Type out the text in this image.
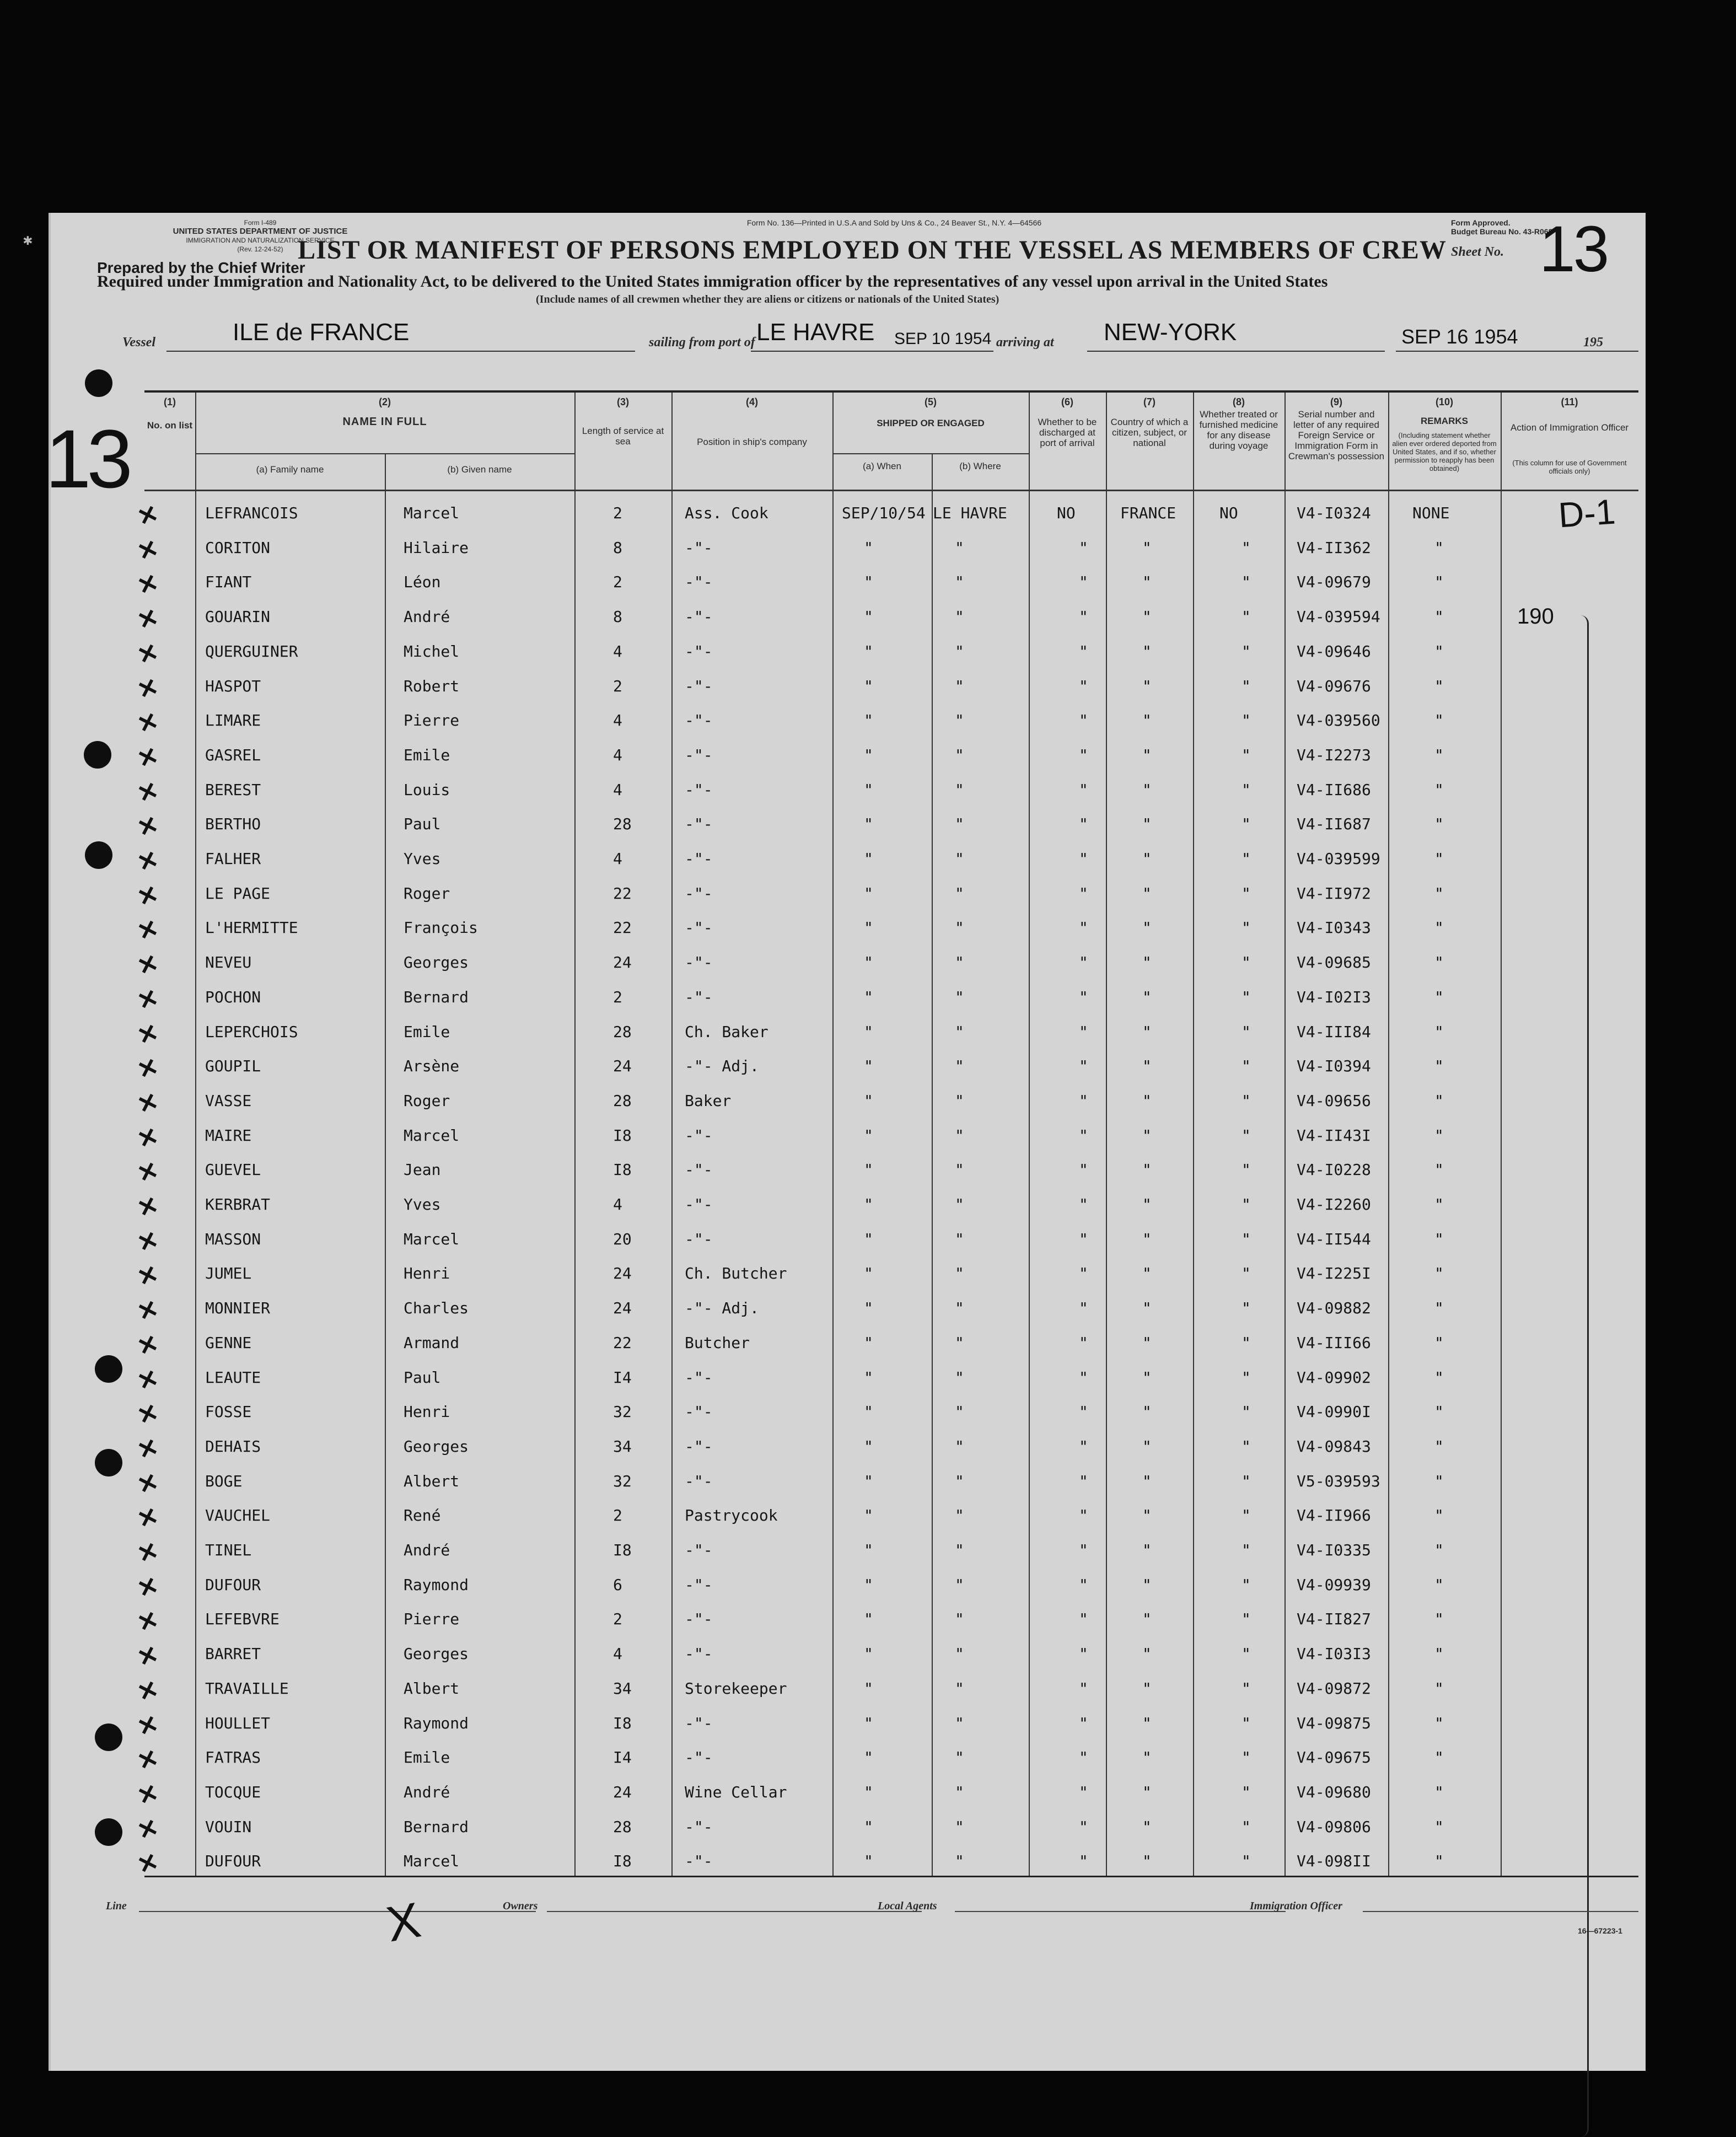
✱
Form I-489
UNITED STATES DEPARTMENT OF JUSTICE
IMMIGRATION AND NATURALIZATION SERVICE
(Rev. 12-24-52)
Form No. 136—Printed in U.S.A and Sold by Uns & Co., 24 Beaver St., N.Y. 4—64566	Form Approved.
Budget Bureau No. 43-R068
Sheet No. 13
LIST OR MANIFEST OF PERSONS EMPLOYED ON THE VESSEL AS MEMBERS OF CREW
Prepared by the Chief Writer
Required under Immigration and Nationality Act, to be delivered to the United States immigration officer by the representatives of any vessel upon arrival in the United States
(Include names of all crewmen whether they are aliens or citizens or nationals of the United States)
Vessel	ILE de FRANCE	sailing from port of LE HAVRE SEP 10 1954 arriving at NEW-YORK	SEP 16 1954	195
13
(1)
No. on list
(2)
NAME IN FULL
(a) Family name	(b) Given name
(3)
Length of service at sea
(4)
Position in ship's company
(5)
SHIPPED OR ENGAGED
(a) When	(b) Where
(6)
Whether to be discharged at port of arrival
(7)
Country of which a citizen, subject, or national
(8)
Whether treated or furnished medicine for any disease during voyage
(9)
Serial number and letter of any required Foreign Service or Immigration Form in Crewman's possession
(10)
REMARKS
(Including statement whether alien ever ordered deported from United States, and if so, whether permission to reapply has been obtained)
(11)
Action of Immigration Officer
(This column for use of Government officials only)
✕	LEFRANCOIS	Marcel	2	Ass. Cook	SEP/10/54 LE HAVRE	NO	FRANCE	NO	V4-I0324	NONE
✕	CORITON	Hilaire	8	-"-	"	"	"	"	"	V4-II362	"
✕	FIANT	Léon	2	-"-	"	"	"	"	"	V4-09679	"
✕	GOUARIN	André	8	-"-	"	"	"	"	"	V4-039594	"
✕	QUERGUINER	Michel	4	-"-	"	"	"	"	"	V4-09646	"
✕	HASPOT	Robert	2	-"-	"	"	"	"	"	V4-09676	"
✕	LIMARE	Pierre	4	-"-	"	"	"	"	"	V4-039560	"
✕	GASREL	Emile	4	-"-	"	"	"	"	"	V4-I2273	"
✕	BEREST	Louis	4	-"-	"	"	"	"	"	V4-II686	"
✕	BERTHO	Paul	28	-"-	"	"	"	"	"	V4-II687	"
✕	FALHER	Yves	4	-"-	"	"	"	"	"	V4-039599	"
✕	LE PAGE	Roger	22	-"-	"	"	"	"	"	V4-II972	"
✕	L'HERMITTE	François	22	-"-	"	"	"	"	"	V4-I0343	"
✕	NEVEU	Georges	24	-"-	"	"	"	"	"	V4-09685	"
✕	POCHON	Bernard	2	-"-	"	"	"	"	"	V4-I02I3	"
✕	LEPERCHOIS	Emile	28	Ch. Baker	"	"	"	"	"	V4-III84	"
✕	GOUPIL	Arsène	24	-"- Adj.	"	"	"	"	"	V4-I0394	"
✕	VASSE	Roger	28	Baker	"	"	"	"	"	V4-09656	"
✕	MAIRE	Marcel	I8	-"-	"	"	"	"	"	V4-II43I	"
✕	GUEVEL	Jean	I8	-"-	"	"	"	"	"	V4-I0228	"
✕	KERBRAT	Yves	4	-"-	"	"	"	"	"	V4-I2260	"
✕	MASSON	Marcel	20	-"-	"	"	"	"	"	V4-II544	"
✕	JUMEL	Henri	24	Ch. Butcher	"	"	"	"	"	V4-I225I	"
✕	MONNIER	Charles	24	-"- Adj.	"	"	"	"	"	V4-09882	"
✕	GENNE	Armand	22	Butcher	"	"	"	"	"	V4-III66	"
✕	LEAUTE	Paul	I4	-"-	"	"	"	"	"	V4-09902	"
✕	FOSSE	Henri	32	-"-	"	"	"	"	"	V4-0990I	"
✕	DEHAIS	Georges	34	-"-	"	"	"	"	"	V4-09843	"
✕	BOGE	Albert	32	-"-	"	"	"	"	"	V5-039593	"
✕	VAUCHEL	René	2	Pastrycook	"	"	"	"	"	V4-II966	"
✕	TINEL	André	I8	-"-	"	"	"	"	"	V4-I0335	"
✕	DUFOUR	Raymond	6	-"-	"	"	"	"	"	V4-09939	"
✕	LEFEBVRE	Pierre	2	-"-	"	"	"	"	"	V4-II827	"
✕	BARRET	Georges	4	-"-	"	"	"	"	"	V4-I03I3	"
✕	TRAVAILLE	Albert	34	Storekeeper	"	"	"	"	"	V4-09872	"
✕	HOULLET	Raymond	I8	-"-	"	"	"	"	"	V4-09875	"
✕	FATRAS	Emile	I4	-"-	"	"	"	"	"	V4-09675	"
✕	TOCQUE	André	24	Wine Cellar	"	"	"	"	"	V4-09680	"
✕	VOUIN	Bernard	28	-"-	"	"	"	"	"	V4-09806	"
✕	DUFOUR	Marcel	I8	-"-	"	"	"	"	"	V4-098II	"
D-1
190
Line	X	Owners	Local Agents	Immigration Officer
16—67223-1
